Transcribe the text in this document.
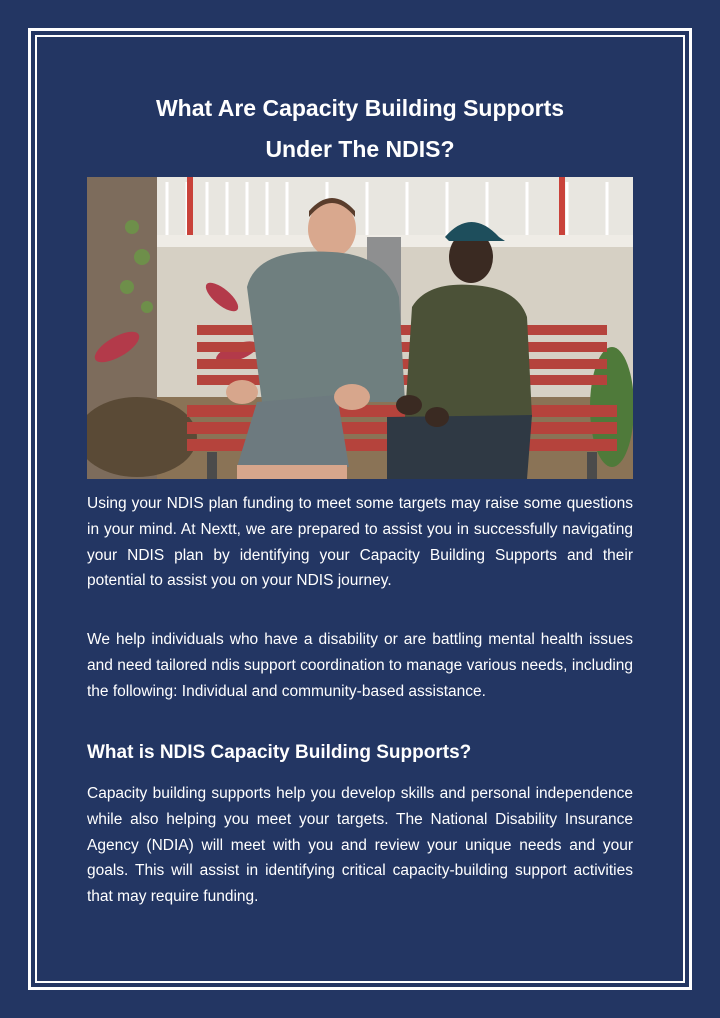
What Are Capacity Building Supports
Under The NDIS?

Using your NDIS plan funding to meet some targets may raise some questions in your mind. At Nextt, we are prepared to assist you in successfully navigating your NDIS plan by identifying your Capacity Building Supports and their potential to assist you on your NDIS journey.

We help individuals who have a disability or are battling mental health issues and need tailored ndis support coordination to manage various needs, including the following: Individual and community-based assistance.

What is NDIS Capacity Building Supports?

Capacity building supports help you develop skills and personal independence while also helping you meet your targets. The National Disability Insurance Agency (NDIA) will meet with you and review your unique needs and your goals. This will assist in identifying critical capacity-building support activities that may require funding.
